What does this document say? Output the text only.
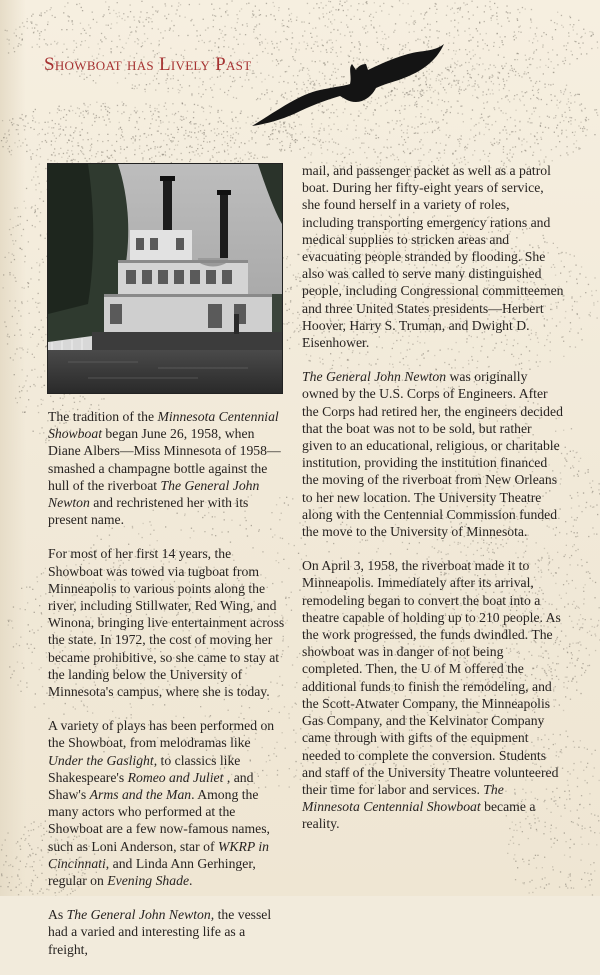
Showboat has Lively Past

The tradition of the Minnesota Centennial Showboat began June 26, 1958, when Diane Albers—Miss Minnesota of 1958—smashed a champagne bottle against the hull of the riverboat The General John Newton and rechristened her with its present name.

For most of her first 14 years, the Showboat was towed via tugboat from Minneapolis to various points along the river, including Stillwater, Red Wing, and Winona, bringing live entertainment across the state. In 1972, the cost of moving her became prohibitive, so she came to stay at the landing below the University of Minnesota's campus, where she is today.

A variety of plays has been performed on the Showboat, from melodramas like Under the Gaslight, to classics like Shakespeare's Romeo and Juliet , and Shaw's Arms and the Man. Among the many actors who performed at the Showboat are a few now-famous names, such as Loni Anderson, star of WKRP in Cincinnati, and Linda Ann Gerhinger, regular on Evening Shade.

As The General John Newton, the vessel had a varied and interesting life as a freight,

mail, and passenger packet as well as a patrol boat. During her fifty-eight years of service, she found herself in a variety of roles, including transporting emergency rations and medical supplies to stricken areas and evacuating people stranded by flooding. She also was called to serve many distinguished people, including Congressional committeemen and three United States presidents—Herbert Hoover, Harry S. Truman, and Dwight D. Eisenhower.

The General John Newton was originally owned by the U.S. Corps of Engineers. After the Corps had retired her, the engineers decided that the boat was not to be sold, but rather given to an educational, religious, or charitable institution, providing the institution financed the moving of the riverboat from New Orleans to her new location. The University Theatre along with the Centennial Commission funded the move to the University of Minnesota.

On April 3, 1958, the riverboat made it to Minneapolis. Immediately after its arrival, remodeling began to convert the boat into a theatre capable of holding up to 210 people. As the work progressed, the funds dwindled. The showboat was in danger of not being completed. Then, the U of M offered the additional funds to finish the remodeling, and the Scott-Atwater Company, the Minneapolis Gas Company, and the Kelvinator Company came through with gifts of the equipment needed to complete the conversion. Students and staff of the University Theatre volunteered their time for labor and services. The Minnesota Centennial Showboat became a reality.
